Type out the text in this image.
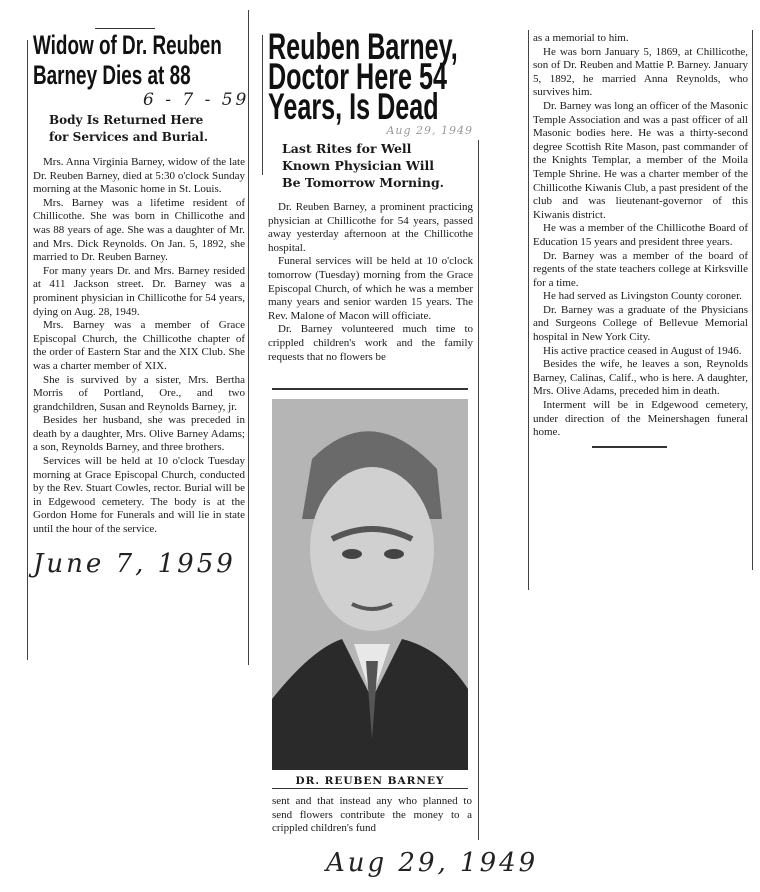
Widow of Dr. Reuben
Barney Dies at 88
6 - 7 - 59
Body Is Returned Here
for Services and Burial.

Mrs. Anna Virginia Barney, widow of the late Dr. Reuben Barney, died at 5:30 o'clock Sunday morning at the Masonic home in St. Louis.

Mrs. Barney was a lifetime resident of Chillicothe. She was born in Chillicothe and was 88 years of age. She was a daughter of Mr. and Mrs. Dick Reynolds. On Jan. 5, 1892, she married to Dr. Reuben Barney.

For many years Dr. and Mrs. Barney resided at 411 Jackson street. Dr. Barney was a prominent physician in Chillicothe for 54 years, dying on Aug. 28, 1949.

Mrs. Barney was a member of Grace Episcopal Church, the Chillicothe chapter of the order of Eastern Star and the XIX Club. She was a charter member of XIX.

She is survived by a sister, Mrs. Bertha Morris of Portland, Ore., and two grandchildren, Susan and Reynolds Barney, jr.

Besides her husband, she was preceded in death by a daughter, Mrs. Olive Barney Adams; a son, Reynolds Barney, and three brothers.

Services will be held at 10 o'clock Tuesday morning at Grace Episcopal Church, conducted by the Rev. Stuart Cowles, rector. Burial will be in Edgewood cemetery. The body is at the Gordon Home for Funerals and will lie in state until the hour of the service.

June 7, 1959
Reuben Barney,
Doctor Here 54
Years, Is Dead
Aug 29, 1949
Last Rites for Well
Known Physician Will
Be Tomorrow Morning.

Dr. Reuben Barney, a prominent practicing physician at Chillicothe for 54 years, passed away yesterday afternoon at the Chillicothe hospital.

Funeral services will be held at 10 o'clock tomorrow (Tuesday) morning from the Grace Episcopal Church, of which he was a member many years and senior warden 15 years. The Rev. Malone of Macon will officiate.

Dr. Barney volunteered much time to crippled children's work and the family requests that no flowers be

DR. REUBEN BARNEY

sent and that instead any who planned to send flowers contribute the money to a crippled children's fund

Aug 29, 1949

as a memorial to him.

He was born January 5, 1869, at Chillicothe, son of Dr. Reuben and Mattie P. Barney. January 5, 1892, he married Anna Reynolds, who survives him.

Dr. Barney was long an officer of the Masonic Temple Association and was a past officer of all Masonic bodies here. He was a thirty-second degree Scottish Rite Mason, past commander of the Knights Templar, a member of the Moila Temple Shrine. He was a charter member of the Chillicothe Kiwanis Club, a past president of the club and was lieutenant-governor of this Kiwanis district.

He was a member of the Chillicothe Board of Education 15 years and president three years.

Dr. Barney was a member of the board of regents of the state teachers college at Kirksville for a time.

He had served as Livingston County coroner.

Dr. Barney was a graduate of the Physicians and Surgeons College of Bellevue Memorial hospital in New York City.

His active practice ceased in August of 1946.

Besides the wife, he leaves a son, Reynolds Barney, Calinas, Calif., who is here. A daughter, Mrs. Olive Adams, preceded him in death.

Interment will be in Edgewood cemetery, under direction of the Meinershagen funeral home.
